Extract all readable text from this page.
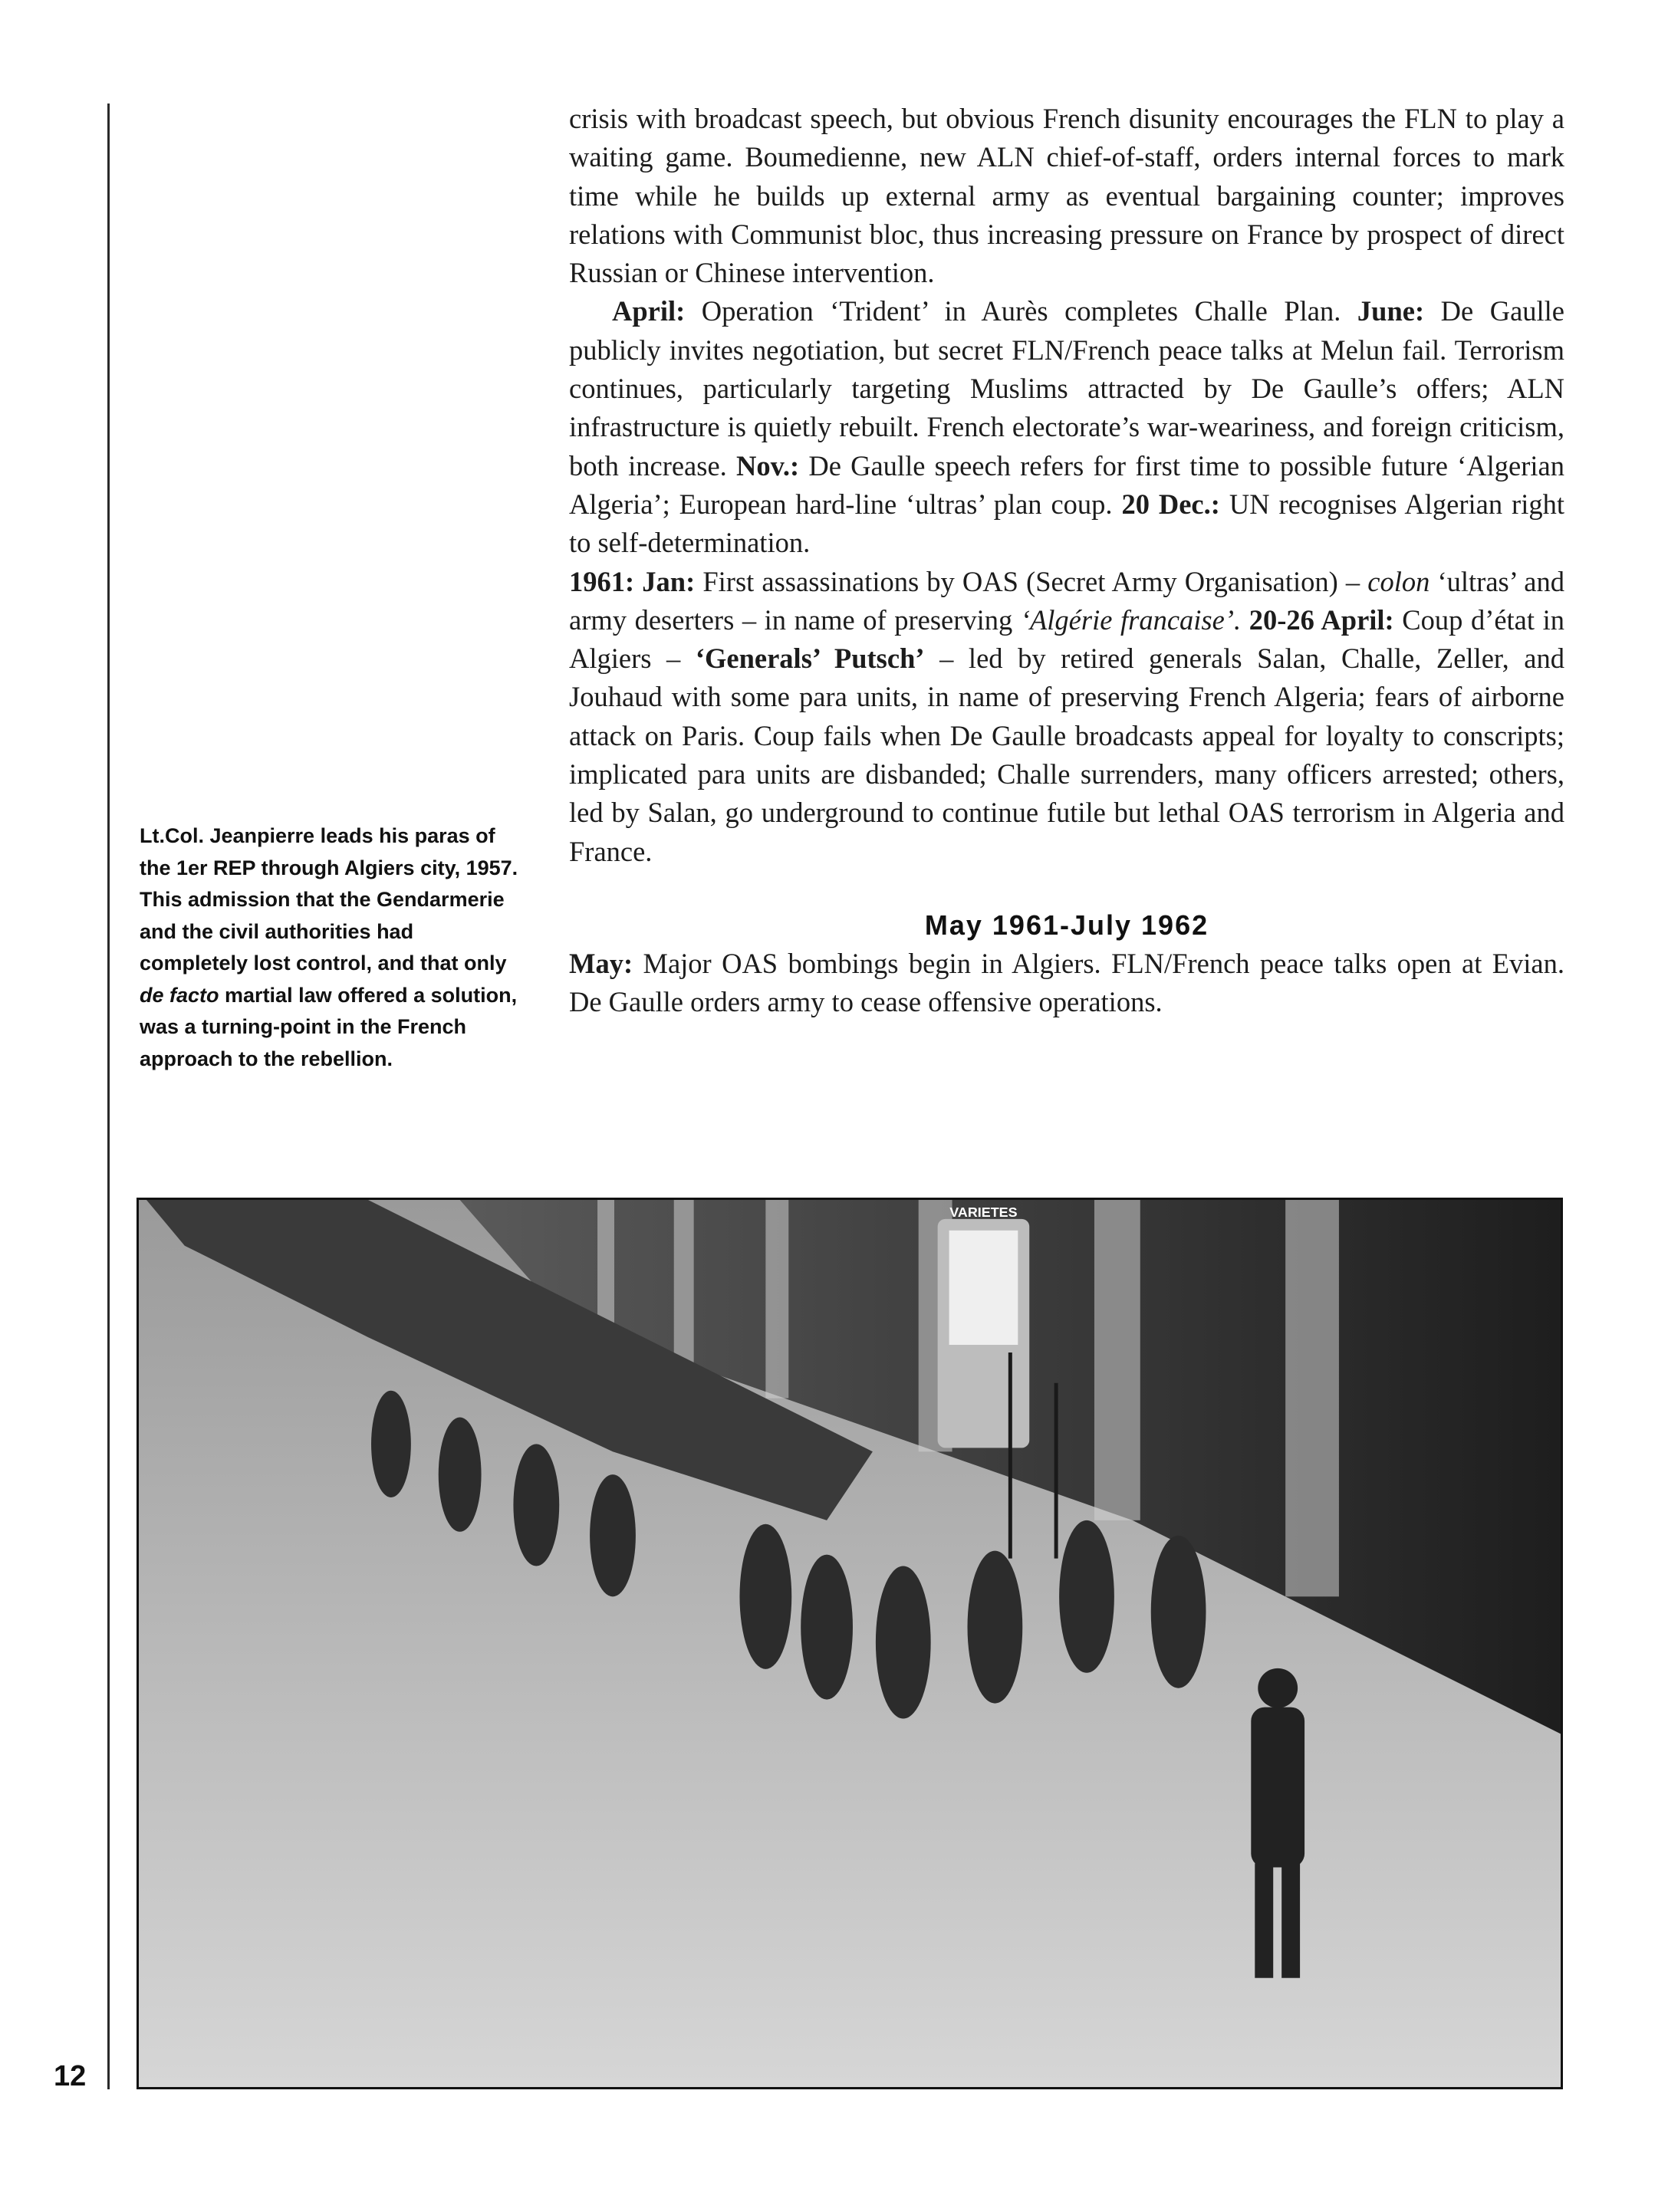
crisis with broadcast speech, but obvious French disunity encourages the FLN to play a waiting game. Boumedienne, new ALN chief-of-staff, orders internal forces to mark time while he builds up external army as eventual bargaining counter; improves relations with Communist bloc, thus increasing pressure on France by prospect of direct Russian or Chinese intervention.

April: Operation ‘Trident’ in Aurès completes Challe Plan. June: De Gaulle publicly invites negotiation, but secret FLN/French peace talks at Melun fail. Terrorism continues, particularly targeting Muslims attracted by De Gaulle’s offers; ALN infrastructure is quietly rebuilt. French electorate’s war-weariness, and foreign criticism, both increase. Nov.: De Gaulle speech refers for first time to possible future ‘Algerian Algeria’; European hard-line ‘ultras’ plan coup. 20 Dec.: UN recognises Algerian right to self-determination.

1961: Jan: First assassinations by OAS (Secret Army Organisation) – colon ‘ultras’ and army deserters – in name of preserving ‘Algérie francaise’. 20-26 April: Coup d’état in Algiers – ‘Generals’ Putsch’ – led by retired generals Salan, Challe, Zeller, and Jouhaud with some para units, in name of preserving French Algeria; fears of airborne attack on Paris. Coup fails when De Gaulle broadcasts appeal for loyalty to conscripts; implicated para units are disbanded; Challe surrenders, many officers arrested; others, led by Salan, go underground to continue futile but lethal OAS terrorism in Algeria and France.

May 1961-July 1962

May: Major OAS bombings begin in Algiers. FLN/French peace talks open at Evian. De Gaulle orders army to cease offensive operations.

Lt.Col. Jeanpierre leads his paras of the 1er REP through Algiers city, 1957. This admission that the Gendarmerie and the civil authorities had completely lost control, and that only de facto martial law offered a solution, was a turning-point in the French approach to the rebellion.
VARIETES
12
